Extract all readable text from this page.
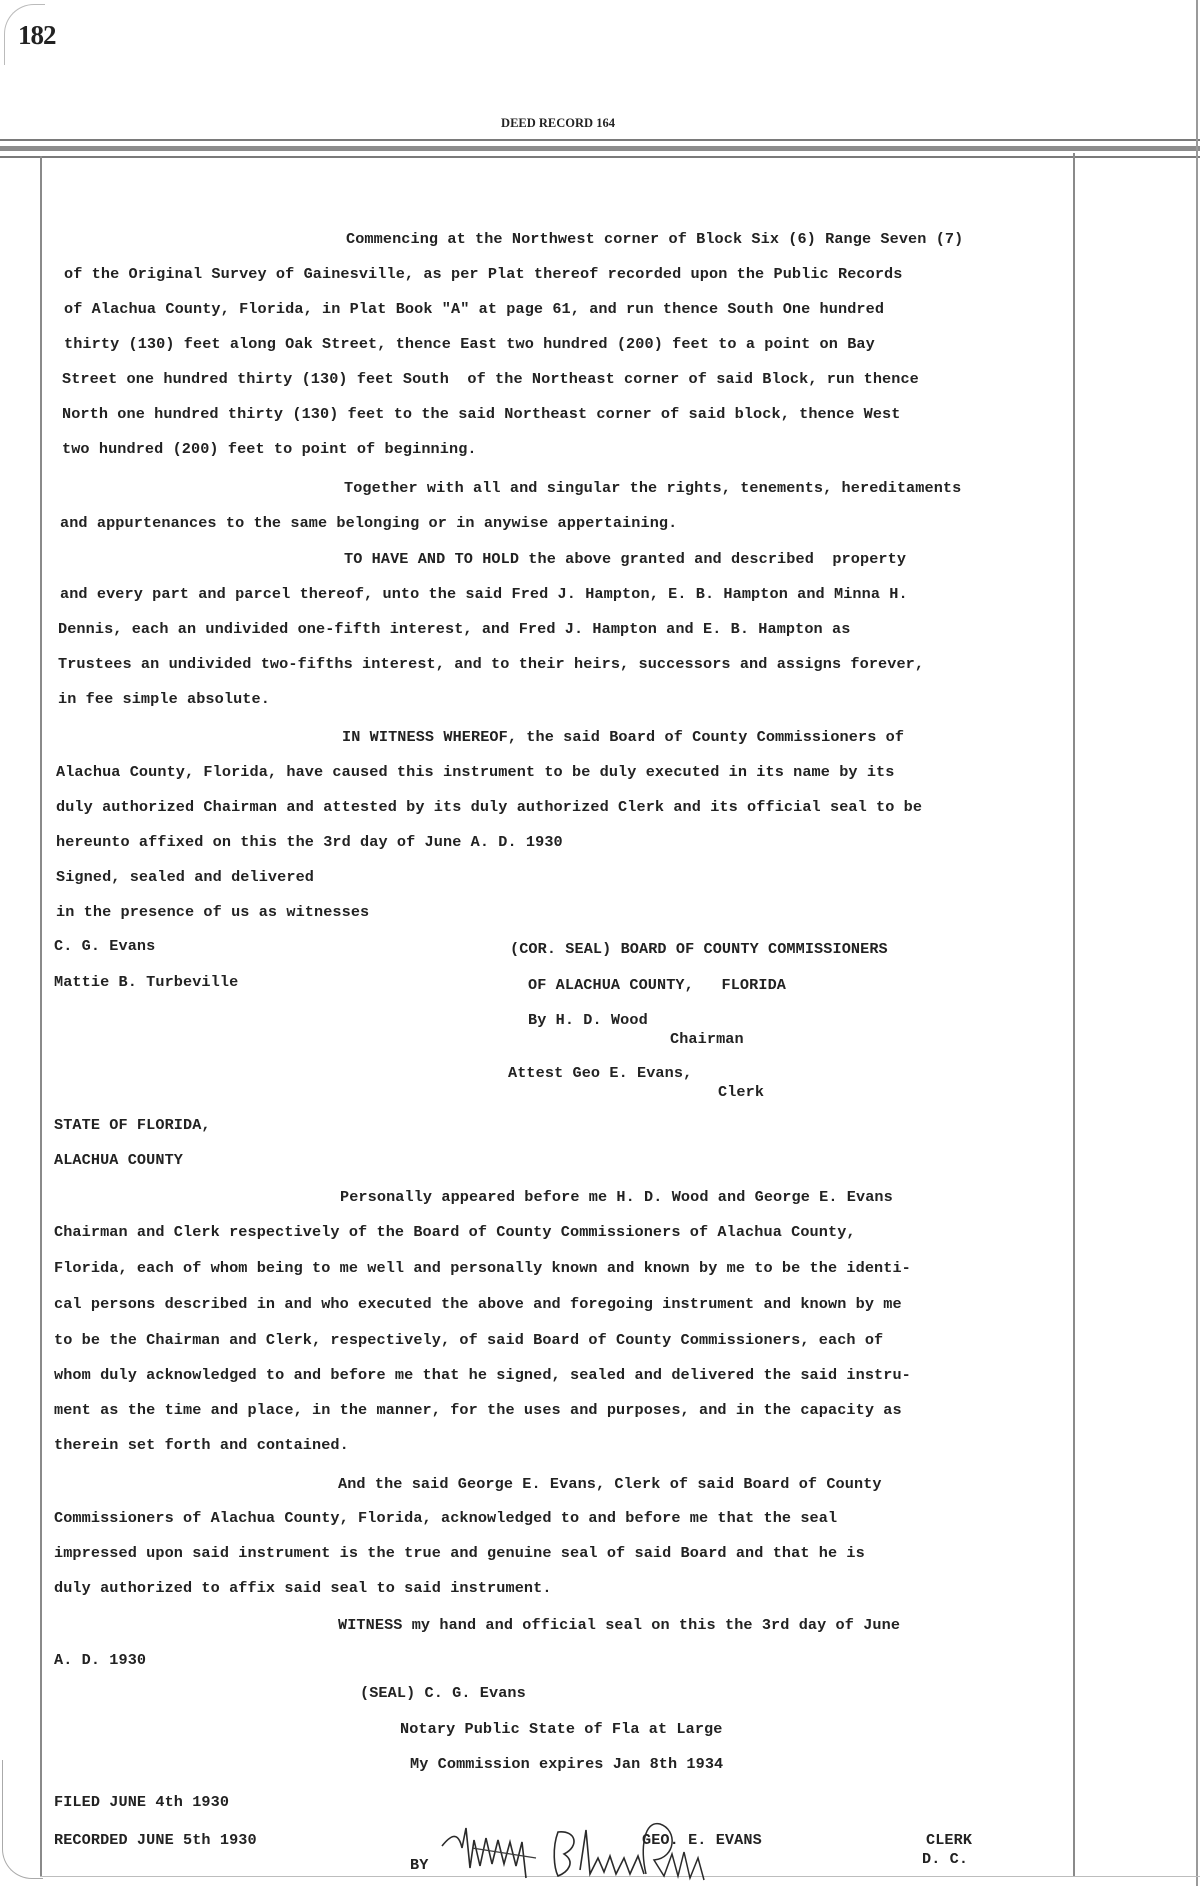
182
DEED RECORD 164
Commencing at the Northwest corner of Block Six (6) Range Seven (7)
of the Original Survey of Gainesville, as per Plat thereof recorded upon the Public Records
of Alachua County, Florida, in Plat Book "A" at page 61, and run thence South One hundred
thirty (130) feet along Oak Street, thence East two hundred (200) feet to a point on Bay
Street one hundred thirty (130) feet South  of the Northeast corner of said Block, run thence
North one hundred thirty (130) feet to the said Northeast corner of said block, thence West
two hundred (200) feet to point of beginning.
Together with all and singular the rights, tenements, hereditaments
and appurtenances to the same belonging or in anywise appertaining.
TO HAVE AND TO HOLD the above granted and described  property
and every part and parcel thereof, unto the said Fred J. Hampton, E. B. Hampton and Minna H.
Dennis, each an undivided one-fifth interest, and Fred J. Hampton and E. B. Hampton as
Trustees an undivided two-fifths interest, and to their heirs, successors and assigns forever,
in fee simple absolute.
IN WITNESS WHEREOF, the said Board of County Commissioners of
Alachua County, Florida, have caused this instrument to be duly executed in its name by its
duly authorized Chairman and attested by its duly authorized Clerk and its official seal to be
hereunto affixed on this the 3rd day of June A. D. 1930
Signed, sealed and delivered
in the presence of us as witnesses
C. G. Evans
Mattie B. Turbeville
(COR. SEAL) BOARD OF COUNTY COMMISSIONERS
OF ALACHUA COUNTY,   FLORIDA
By H. D. Wood
Chairman
Attest Geo E. Evans,
Clerk
STATE OF FLORIDA,
ALACHUA COUNTY
Personally appeared before me H. D. Wood and George E. Evans
Chairman and Clerk respectively of the Board of County Commissioners of Alachua County,
Florida, each of whom being to me well and personally known and known by me to be the identi-
cal persons described in and who executed the above and foregoing instrument and known by me
to be the Chairman and Clerk, respectively, of said Board of County Commissioners, each of
whom duly acknowledged to and before me that he signed, sealed and delivered the said instru-
ment as the time and place, in the manner, for the uses and purposes, and in the capacity as
therein set forth and contained.
And the said George E. Evans, Clerk of said Board of County
Commissioners of Alachua County, Florida, acknowledged to and before me that the seal
impressed upon said instrument is the true and genuine seal of said Board and that he is
duly authorized to affix said seal to said instrument.
WITNESS my hand and official seal on this the 3rd day of June
A. D. 1930
(SEAL) C. G. Evans
Notary Public State of Fla at Large
My Commission expires Jan 8th 1934
FILED JUNE 4th 1930
RECORDED JUNE 5th 1930
BY
GEO. E. EVANS	CLERK
D. C.
